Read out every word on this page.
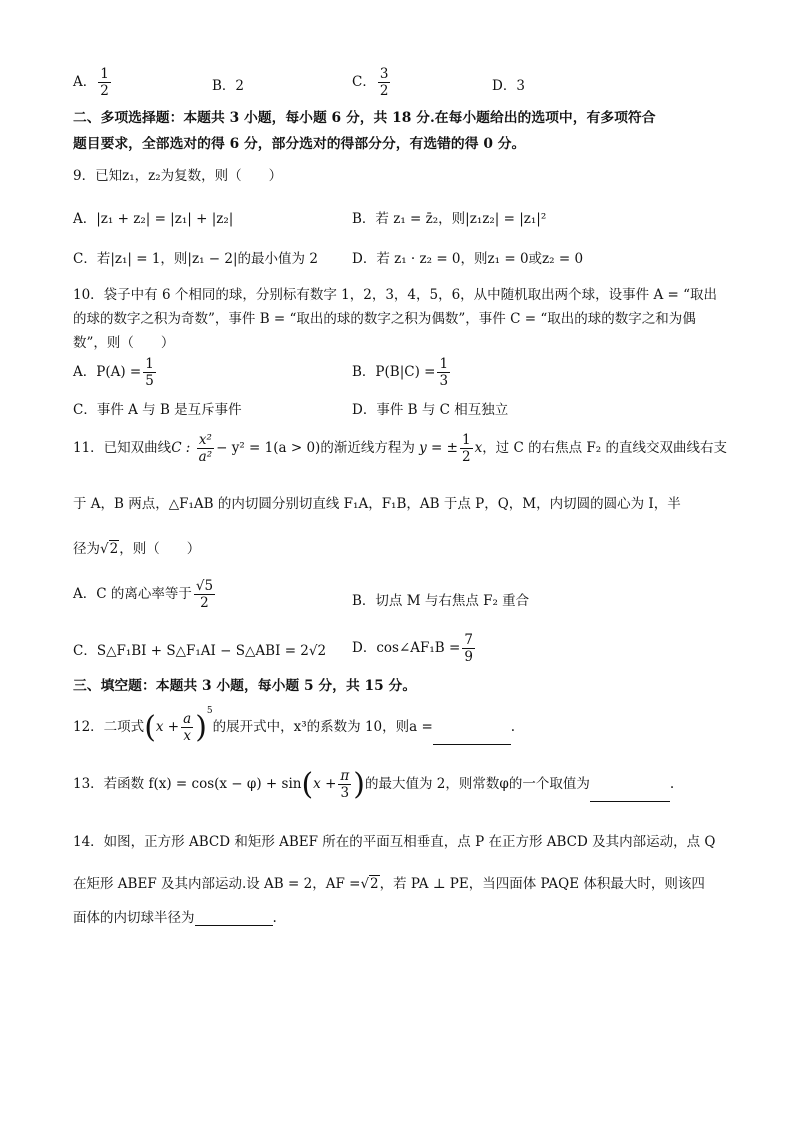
A． $\frac{1}{2}$	B．2	C． $\frac{3}{2}$	D．3
二、多项选择题：本题共 3 小题，每小题 6 分，共 18 分.在每小题给出的选项中，有多项符合
题目要求，全部选对的得 6 分，部分选对的得部分分，有选错的得 0 分。
9．已知z₁，z₂为复数，则（　　）
A．|z₁ + z₂| = |z₁| + |z₂|	B．若 z₁ = z̄₂，则|z₁z₂| = |z₁|²
C．若|z₁| = 1，则|z₁ − 2|的最小值为 2	D．若 z₁ · z₂ = 0，则z₁ = 0或z₂ = 0
10．袋子中有 6 个相同的球，分别标有数字 1，2，3，4，5，6，从中随机取出两个球，设事件 A = “取出
的球的数字之积为奇数”，事件 B = “取出的球的数字之积为偶数”，事件 C = “取出的球的数字之和为偶
数”，则（　　）
A．$P(A) = \frac{1}{5}$	B．$P(B|C) = \frac{1}{3}$
C．事件 A 与 B 是互斥事件	D．事件 B 与 C 相互独立
11．已知双曲线C : $\frac{\text{x²}}{\text{a²}} - y^2 = 1(a > 0)$的渐近线方程为 y = ± $\frac{1}{2}$ x，过 C 的右焦点 F₂ 的直线交双曲线右支
于 A，B 两点，△F₁AB 的内切圆分别切直线 F₁A，F₁B，AB 于点 P，Q，M，内切圆的圆心为 I，半
径为√2，则（　　）
A．C 的离心率等于 $\frac{√5}{2}$	B．切点 M 与右焦点 F₂ 重合
C．S△F₁BI + S△F₁AI − S△ABI = 2√2 D．cos∠AF₁B = $\frac{7}{9}$
三、填空题：本题共 3 小题，每小题 5 分，共 15 分。
12．二项式$(x + \frac{a}{x} )^5$的展开式中，x³的系数为 10，则a =	.
13．若函数 $f(x) = \cos(x - \varphi) + \sin(x + \frac{\pi}{3}$ )的最大值为 2，则常数φ的一个取值为	.
14．如图，正方形 ABCD 和矩形 ABEF 所在的平面互相垂直，点 P 在正方形 ABCD 及其内部运动，点 Q
在矩形 ABEF 及其内部运动.设 AB = 2，AF =√2，若 PA ⊥ PE，当四面体 PAQE 体积最大时，则该四
面体的内切球半径为	.
